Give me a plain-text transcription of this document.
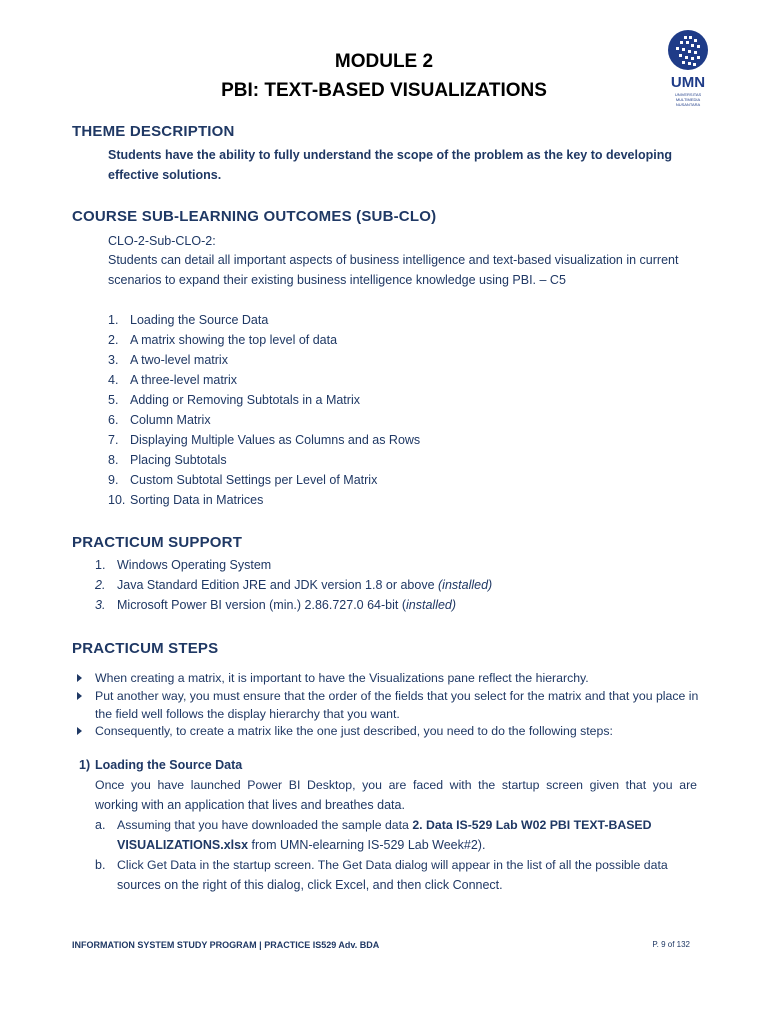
MODULE 2
PBI: TEXT-BASED VISUALIZATIONS	UMN
UNIVERSITAS
MULTIMEDIA
NUSANTARA
THEME DESCRIPTION
Students have the ability to fully understand the scope of the problem as the key to developing
effective solutions.
COURSE SUB-LEARNING OUTCOMES (SUB-CLO)
CLO-2-Sub-CLO-2:
Students can detail all important aspects of business intelligence and text-based visualization in current
scenarios to expand their existing business intelligence knowledge using PBI. – C5
1. Loading the Source Data
2. A matrix showing the top level of data
3. A two-level matrix
4. A three-level matrix
5. Adding or Removing Subtotals in a Matrix
6. Column Matrix
7. Displaying Multiple Values as Columns and as Rows
8. Placing Subtotals
9. Custom Subtotal Settings per Level of Matrix
10. Sorting Data in Matrices
PRACTICUM SUPPORT
1. Windows Operating System
2. Java Standard Edition JRE and JDK version 1.8 or above (installed)
3. Microsoft Power BI version (min.) 2.86.727.0 64-bit (installed)
PRACTICUM STEPS
When creating a matrix, it is important to have the Visualizations pane reflect the hierarchy.
Put another way, you must ensure that the order of the fields that you select for the matrix and that you place in the field well follows the display hierarchy that you want.
Consequently, to create a matrix like the one just described, you need to do the following steps:
1) Loading the Source Data
Once you have launched Power BI Desktop, you are faced with the startup screen given that you are
working with an application that lives and breathes data.
a. Assuming that you have downloaded the sample data 2. Data IS-529 Lab W02 PBI TEXT-BASED
VISUALIZATIONS.xlsx from UMN-elearning IS-529 Lab Week#2).
b. Click Get Data in the startup screen. The Get Data dialog will appear in the list of all the possible data
sources on the right of this dialog, click Excel, and then click Connect.
INFORMATION SYSTEM STUDY PROGRAM | PRACTICE IS529 Adv. BDA	P. 9 of 132
